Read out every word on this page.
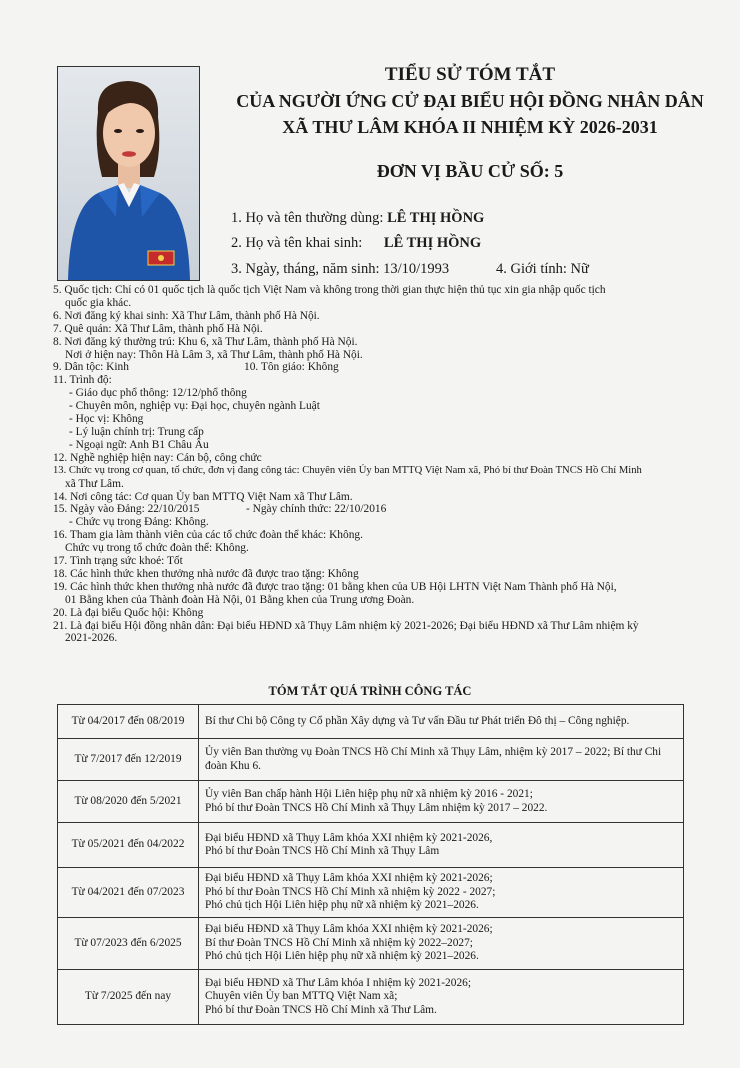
TIỂU SỬ TÓM TẮT
CỦA NGƯỜI ỨNG CỬ ĐẠI BIỂU HỘI ĐỒNG NHÂN DÂN
XÃ THƯ LÂM KHÓA II NHIỆM KỲ 2026-2031
ĐƠN VỊ BẦU CỬ SỐ: 5
1. Họ và tên thường dùng: LÊ THỊ HỒNG
2. Họ và tên khai sinh: LÊ THỊ HỒNG
3. Ngày, tháng, năm sinh: 13/10/1993	4. Giới tính: Nữ
5. Quốc tịch: Chỉ có 01 quốc tịch là quốc tịch Việt Nam và không trong thời gian thực hiện thủ tục xin gia nhập quốc tịch
quốc gia khác.
6. Nơi đăng ký khai sinh: Xã Thư Lâm, thành phố Hà Nội.
7. Quê quán: Xã Thư Lâm, thành phố Hà Nội.
8. Nơi đăng ký thường trú: Khu 6, xã Thư Lâm, thành phố Hà Nội.
Nơi ở hiện nay: Thôn Hà Lâm 3, xã Thư Lâm, thành phố Hà Nội.
9. Dân tộc: Kinh	10. Tôn giáo: Không
11. Trình độ:
- Giáo dục phổ thông: 12/12/phổ thông
- Chuyên môn, nghiệp vụ: Đại học, chuyên ngành Luật
- Học vị: Không
- Lý luận chính trị: Trung cấp
- Ngoại ngữ: Anh B1 Châu Âu
12. Nghề nghiệp hiện nay: Cán bộ, công chức
13. Chức vụ trong cơ quan, tổ chức, đơn vị đang công tác: Chuyên viên Ủy ban MTTQ Việt Nam xã, Phó bí thư Đoàn TNCS Hồ Chí Minh
xã Thư Lâm.
14. Nơi công tác: Cơ quan Ủy ban MTTQ Việt Nam xã Thư Lâm.
15. Ngày vào Đảng: 22/10/2015	- Ngày chính thức: 22/10/2016
- Chức vụ trong Đảng: Không.
16. Tham gia làm thành viên của các tổ chức đoàn thể khác: Không.
Chức vụ trong tổ chức đoàn thể: Không.
17. Tình trạng sức khoẻ: Tốt
18. Các hình thức khen thưởng nhà nước đã được trao tặng: Không
19. Các hình thức khen thưởng nhà nước đã được trao tặng: 01 bằng khen của UB Hội LHTN Việt Nam Thành phố Hà Nội,
01 Bằng khen của Thành đoàn Hà Nội, 01 Bằng khen của Trung ương Đoàn.
20. Là đại biểu Quốc hội: Không
21. Là đại biểu Hội đồng nhân dân: Đại biểu HĐND xã Thụy Lâm nhiệm kỳ 2021-2026; Đại biểu HĐND xã Thư Lâm nhiệm kỳ
2021-2026.
TÓM TẮT QUÁ TRÌNH CÔNG TÁC
Từ 04/2017 đến 08/2019	Bí thư Chi bộ Công ty Cổ phần Xây dựng và Tư vấn Đầu tư Phát triển Đô thị – Công nghiệp.

Từ 7/2017 đến 12/2019	Ủy viên Ban thường vụ Đoàn TNCS Hồ Chí Minh xã Thụy Lâm, nhiệm kỳ 2017 – 2022; Bí thư Chi đoàn Khu 6.

Từ 08/2020 đến 5/2021	Ủy viên Ban chấp hành Hội Liên hiệp phụ nữ xã nhiệm kỳ 2016 - 2021;
Phó bí thư Đoàn TNCS Hồ Chí Minh xã Thụy Lâm nhiệm kỳ 2017 – 2022.

Từ 05/2021 đến 04/2022	Đại biểu HĐND xã Thụy Lâm khóa XXI nhiệm kỳ 2021-2026,
Phó bí thư Đoàn TNCS Hồ Chí Minh xã Thụy Lâm

Từ 04/2021 đến 07/2023	Đại biểu HĐND xã Thụy Lâm khóa XXI nhiệm kỳ 2021-2026;
Phó bí thư Đoàn TNCS Hồ Chí Minh xã nhiệm kỳ 2022 - 2027;
Phó chủ tịch Hội Liên hiệp phụ nữ xã nhiệm kỳ 2021–2026.

Từ 07/2023 đến 6/2025	Đại biểu HĐND xã Thụy Lâm khóa XXI nhiệm kỳ 2021-2026;
Bí thư Đoàn TNCS Hồ Chí Minh xã nhiệm kỳ 2022–2027;
Phó chủ tịch Hội Liên hiệp phụ nữ xã nhiệm kỳ 2021–2026.

Từ 7/2025 đến nay	Đại biểu HĐND xã Thư Lâm khóa I nhiệm kỳ 2021-2026;
Chuyên viên Ủy ban MTTQ Việt Nam xã;
Phó bí thư Đoàn TNCS Hồ Chí Minh xã Thư Lâm.
